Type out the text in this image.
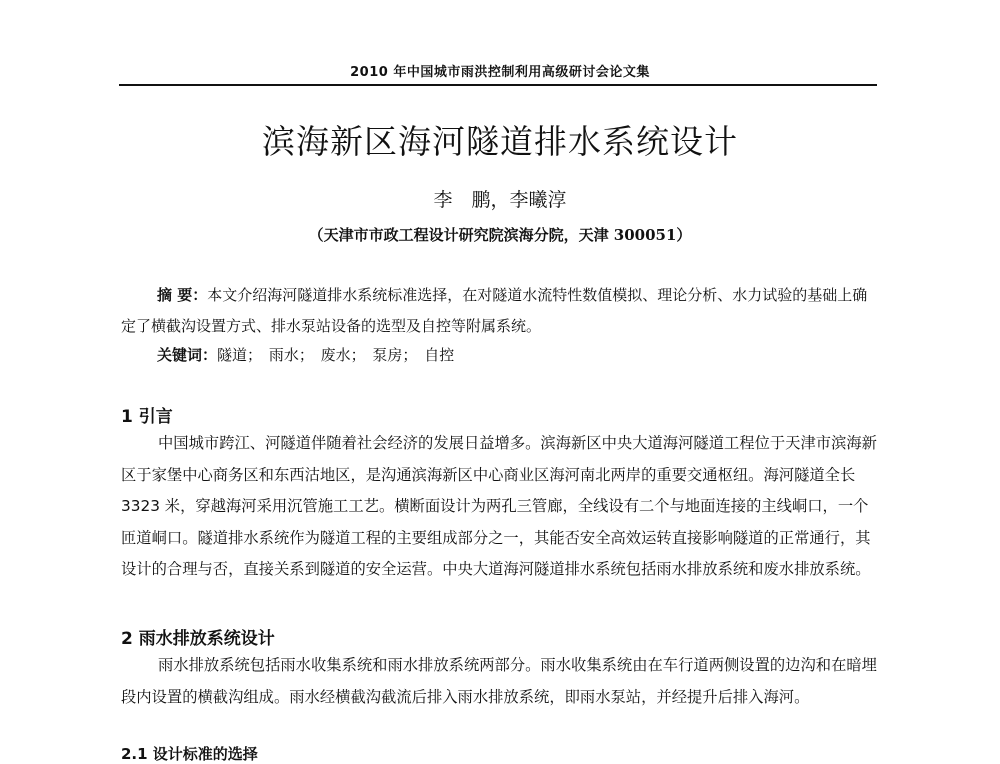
2010 年中国城市雨洪控制利用高级研讨会论文集
滨海新区海河隧道排水系统设计
李　鹏，李曦淳
（天津市市政工程设计研究院滨海分院，天津 300051）

摘 要：本文介绍海河隧道排水系统标准选择，在对隧道水流特性数值模拟、理论分析、水力试验的基础上确定了横截沟设置方式、排水泵站设备的选型及自控等附属系统。

关键词：隧道； 雨水； 废水； 泵房； 自控

1 引言

中国城市跨江、河隧道伴随着社会经济的发展日益增多。滨海新区中央大道海河隧道工程位于天津市滨海新区于家堡中心商务区和东西沽地区，是沟通滨海新区中心商业区海河南北两岸的重要交通枢纽。海河隧道全长 3323 米，穿越海河采用沉管施工工艺。横断面设计为两孔三管廊，全线设有二个与地面连接的主线峒口，一个匝道峒口。隧道排水系统作为隧道工程的主要组成部分之一，其能否安全高效运转直接影响隧道的正常通行，其设计的合理与否，直接关系到隧道的安全运营。中央大道海河隧道排水系统包括雨水排放系统和废水排放系统。

2 雨水排放系统设计

雨水排放系统包括雨水收集系统和雨水排放系统两部分。雨水收集系统由在车行道两侧设置的边沟和在暗埋段内设置的横截沟组成。雨水经横截沟截流后排入雨水排放系统，即雨水泵站，并经提升后排入海河。

2.1 设计标准的选择
